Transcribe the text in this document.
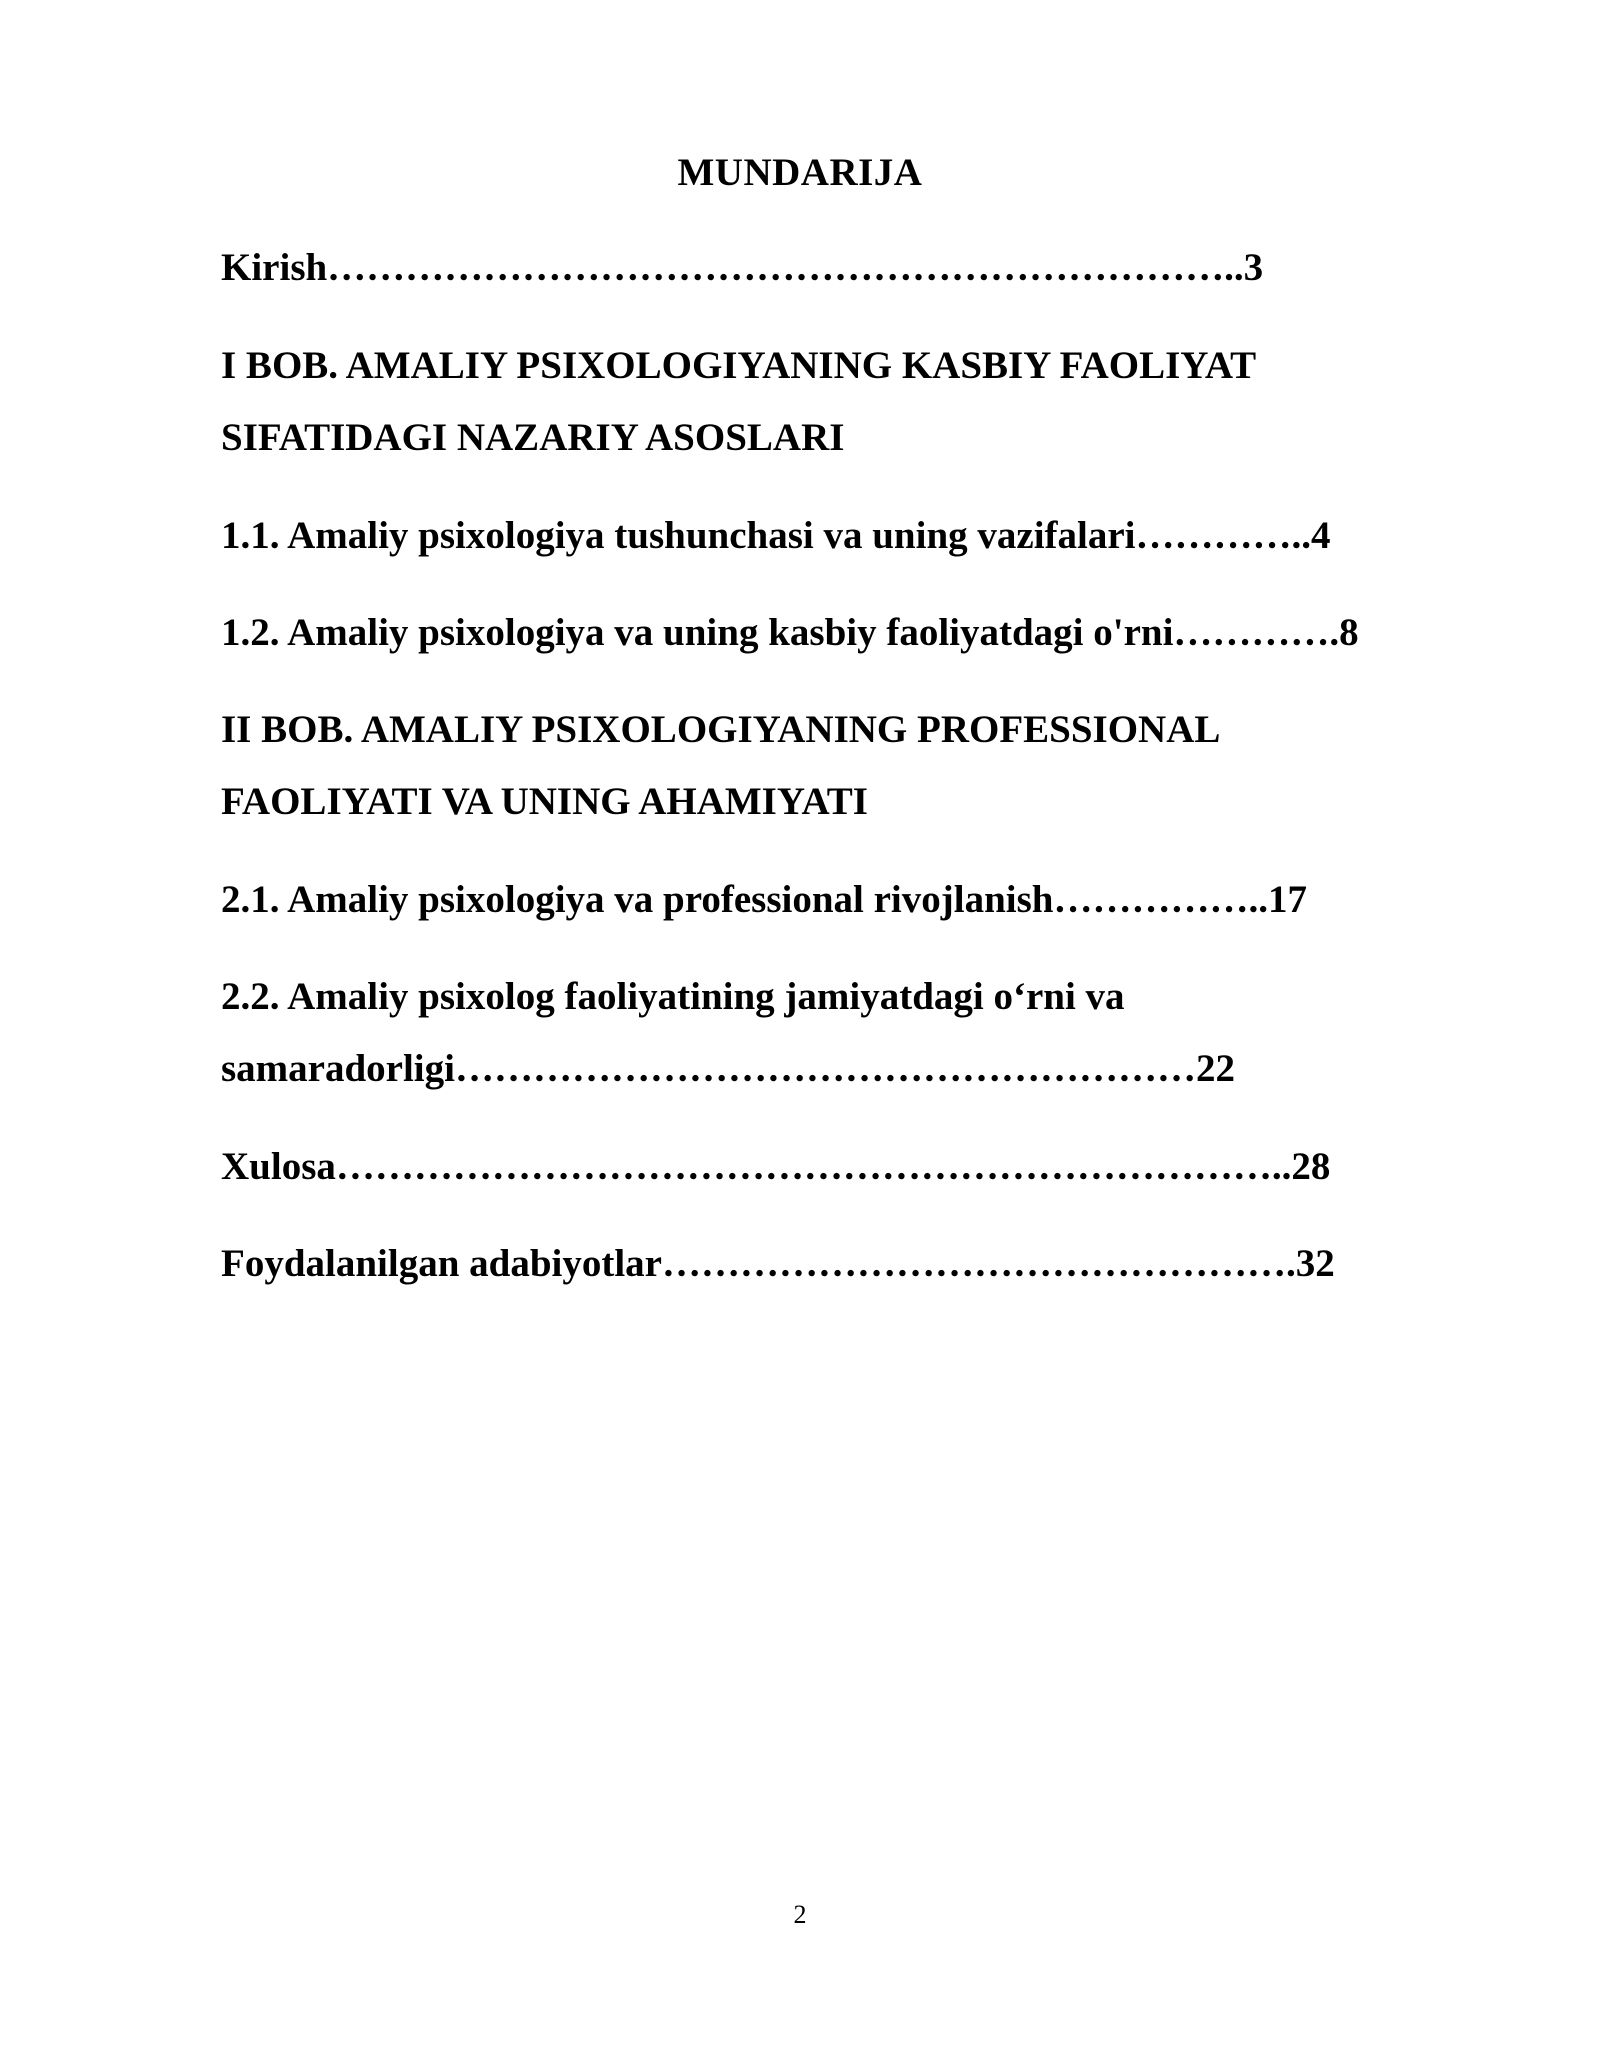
MUNDARIJA
Kirish……………………………………………………………..3
I BOB. AMALIY PSIXOLOGIYANING KASBIY FAOLIYAT
SIFATIDAGI NAZARIY ASOSLARI
1.1. Amaliy psixologiya tushunchasi va uning vazifalari…………..4
1.2. Amaliy psixologiya va uning kasbiy faoliyatdagi o'rni………….8
II BOB. AMALIY PSIXOLOGIYANING PROFESSIONAL
FAOLIYATI VA UNING AHAMIYATI
2.1. Amaliy psixologiya va professional rivojlanish……………..17
2.2. Amaliy psixolog faoliyatining jamiyatdagi o‘rni va
samaradorligi…………………………………………………22
Xulosa………………………………………………………………..28
Foydalanilgan adabiyotlar………………………………………….32
2
